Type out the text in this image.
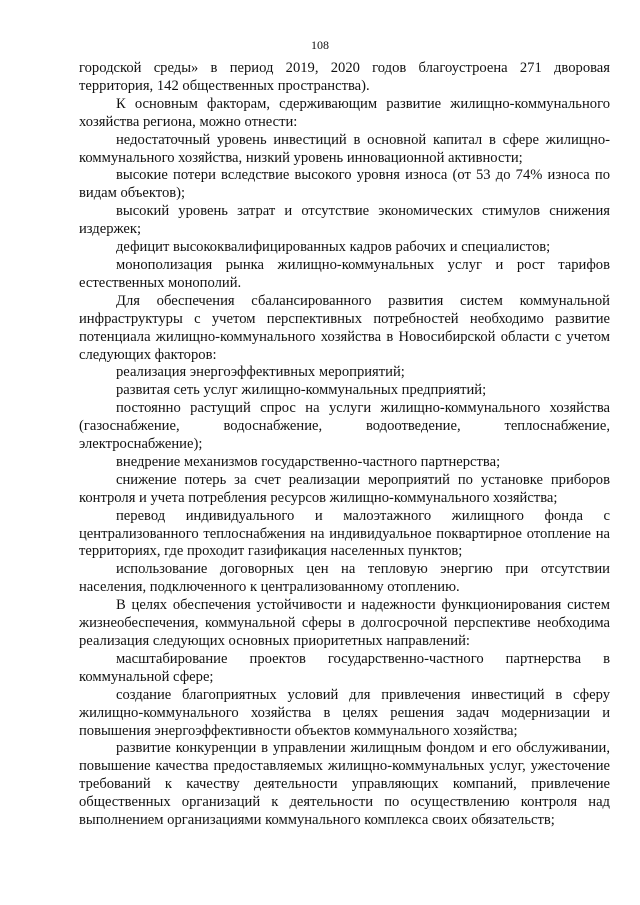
108

городской среды» в период 2019, 2020 годов благоустроена 271 дворовая территория, 142 общественных пространства).

К основным факторам, сдерживающим развитие жилищно-коммунального хозяйства региона, можно отнести:

недостаточный уровень инвестиций в основной капитал в сфере жилищно-коммунального хозяйства, низкий уровень инновационной активности;

высокие потери вследствие высокого уровня износа (от 53 до 74% износа по видам объектов);

высокий уровень затрат и отсутствие экономических стимулов снижения издержек;

дефицит высококвалифицированных кадров рабочих и специалистов;

монополизация рынка жилищно-коммунальных услуг и рост тарифов естественных монополий.

Для обеспечения сбалансированного развития систем коммунальной инфраструктуры с учетом перспективных потребностей необходимо развитие потенциала жилищно-коммунального хозяйства в Новосибирской области с учетом следующих факторов:

реализация энергоэффективных мероприятий;

развитая сеть услуг жилищно-коммунальных предприятий;

постоянно растущий спрос на услуги жилищно-коммунального хозяйства (газоснабжение, водоснабжение, водоотведение, теплоснабжение, электроснабжение);

внедрение механизмов государственно-частного партнерства;

снижение потерь за счет реализации мероприятий по установке приборов контроля и учета потребления ресурсов жилищно-коммунального хозяйства;

перевод индивидуального и малоэтажного жилищного фонда с централизованного теплоснабжения на индивидуальное поквартирное отопление на территориях, где проходит газификация населенных пунктов;

использование договорных цен на тепловую энергию при отсутствии населения, подключенного к централизованному отоплению.

В целях обеспечения устойчивости и надежности функционирования систем жизнеобеспечения, коммунальной сферы в долгосрочной перспективе необходима реализация следующих основных приоритетных направлений:

масштабирование проектов государственно-частного партнерства в коммунальной сфере;

создание благоприятных условий для привлечения инвестиций в сферу жилищно-коммунального хозяйства в целях решения задач модернизации и повышения энергоэффективности объектов коммунального хозяйства;

развитие конкуренции в управлении жилищным фондом и его обслуживании, повышение качества предоставляемых жилищно-коммунальных услуг, ужесточение требований к качеству деятельности управляющих компаний, привлечение общественных организаций к деятельности по осуществлению контроля над выполнением организациями коммунального комплекса своих обязательств;
